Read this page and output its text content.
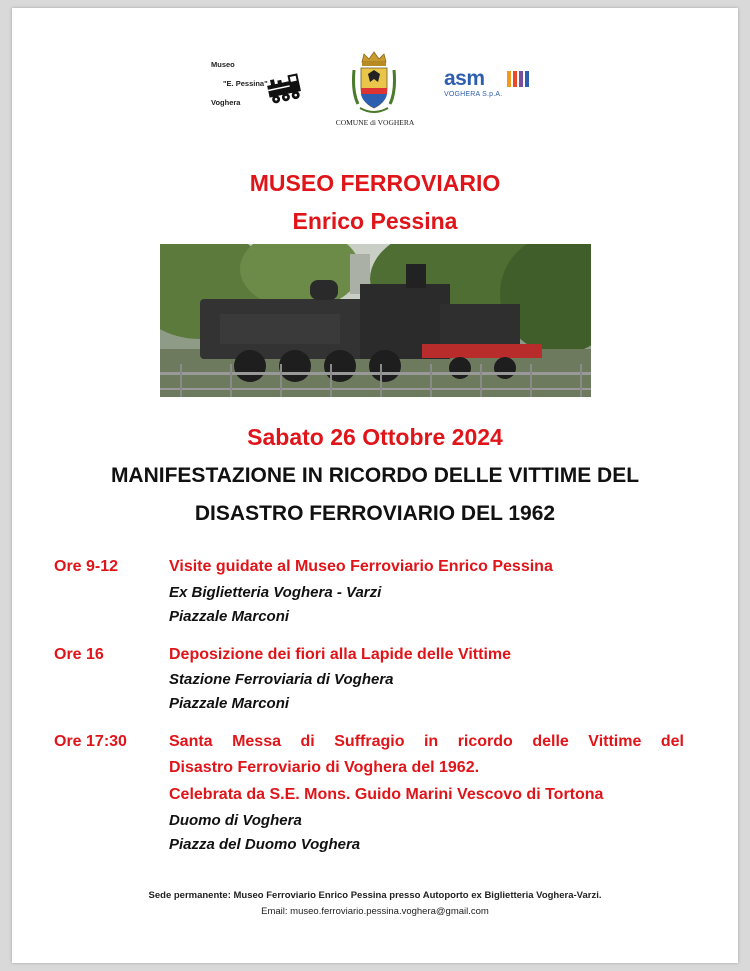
Museo
"E. Pessina"
Voghera
COMUNE di VOGHERA
asm
VOGHERA S.p.A.
MUSEO FERROVIARIO
Enrico Pessina
Sabato 26 Ottobre 2024
MANIFESTAZIONE IN RICORDO DELLE VITTIME DEL
DISASTRO FERROVIARIO DEL 1962
Ore 9-12	Visite guidate al Museo Ferroviario Enrico Pessina
Ex Biglietteria Voghera - Varzi
Piazzale Marconi
Ore 16	Deposizione dei fiori alla Lapide delle Vittime
Stazione Ferroviaria di Voghera
Piazzale Marconi
Ore 17:30	Santa Messa di Suffragio in ricordo delle Vittime del
Disastro Ferroviario di Voghera del 1962.
Celebrata da S.E. Mons. Guido Marini Vescovo di Tortona
Duomo di Voghera
Piazza del Duomo Voghera
Sede permanente: Museo Ferroviario Enrico Pessina presso Autoporto ex Biglietteria Voghera-Varzi.
Email: museo.ferroviario.pessina.voghera@gmail.com
